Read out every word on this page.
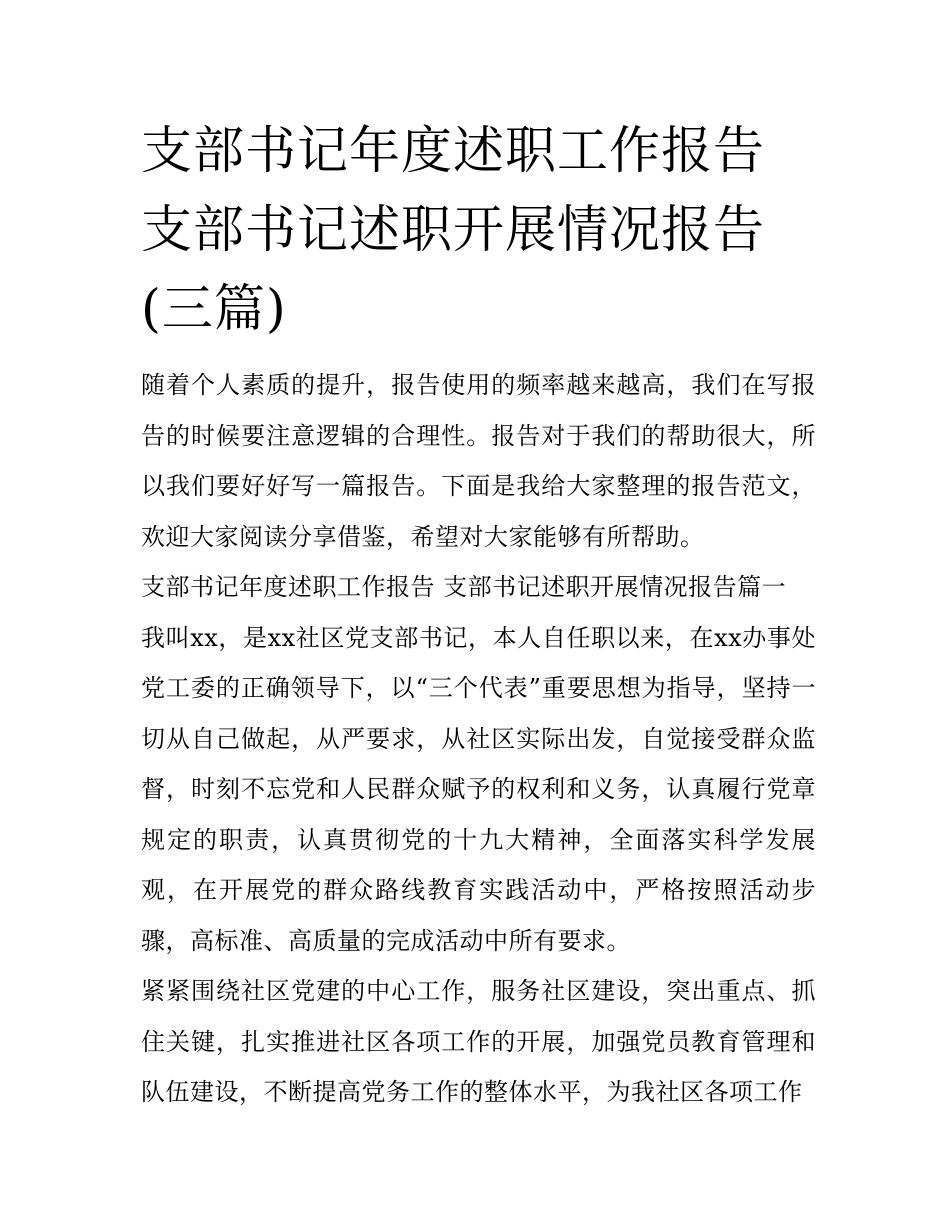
支部书记年度述职工作报告 支部书记述职开展情况报告(三篇)

随着个人素质的提升，报告使用的频率越来越高，我们在写报告的时候要注意逻辑的合理性。报告对于我们的帮助很大，所以我们要好好写一篇报告。下面是我给大家整理的报告范文，欢迎大家阅读分享借鉴，希望对大家能够有所帮助。

支部书记年度述职工作报告 支部书记述职开展情况报告篇一

我叫xx，是xx社区党支部书记，本人自任职以来，在xx办事处党工委的正确领导下，以“三个代表”重要思想为指导，坚持一切从自己做起，从严要求，从社区实际出发，自觉接受群众监督，时刻不忘党和人民群众赋予的权利和义务，认真履行党章规定的职责，认真贯彻党的十九大精神，全面落实科学发展观，在开展党的群众路线教育实践活动中，严格按照活动步骤，高标准、高质量的完成活动中所有要求。

紧紧围绕社区党建的中心工作，服务社区建设，突出重点、抓住关键，扎实推进社区各项工作的开展，加强党员教育管理和队伍建设，不断提高党务工作的整体水平，为我社区各项工作
